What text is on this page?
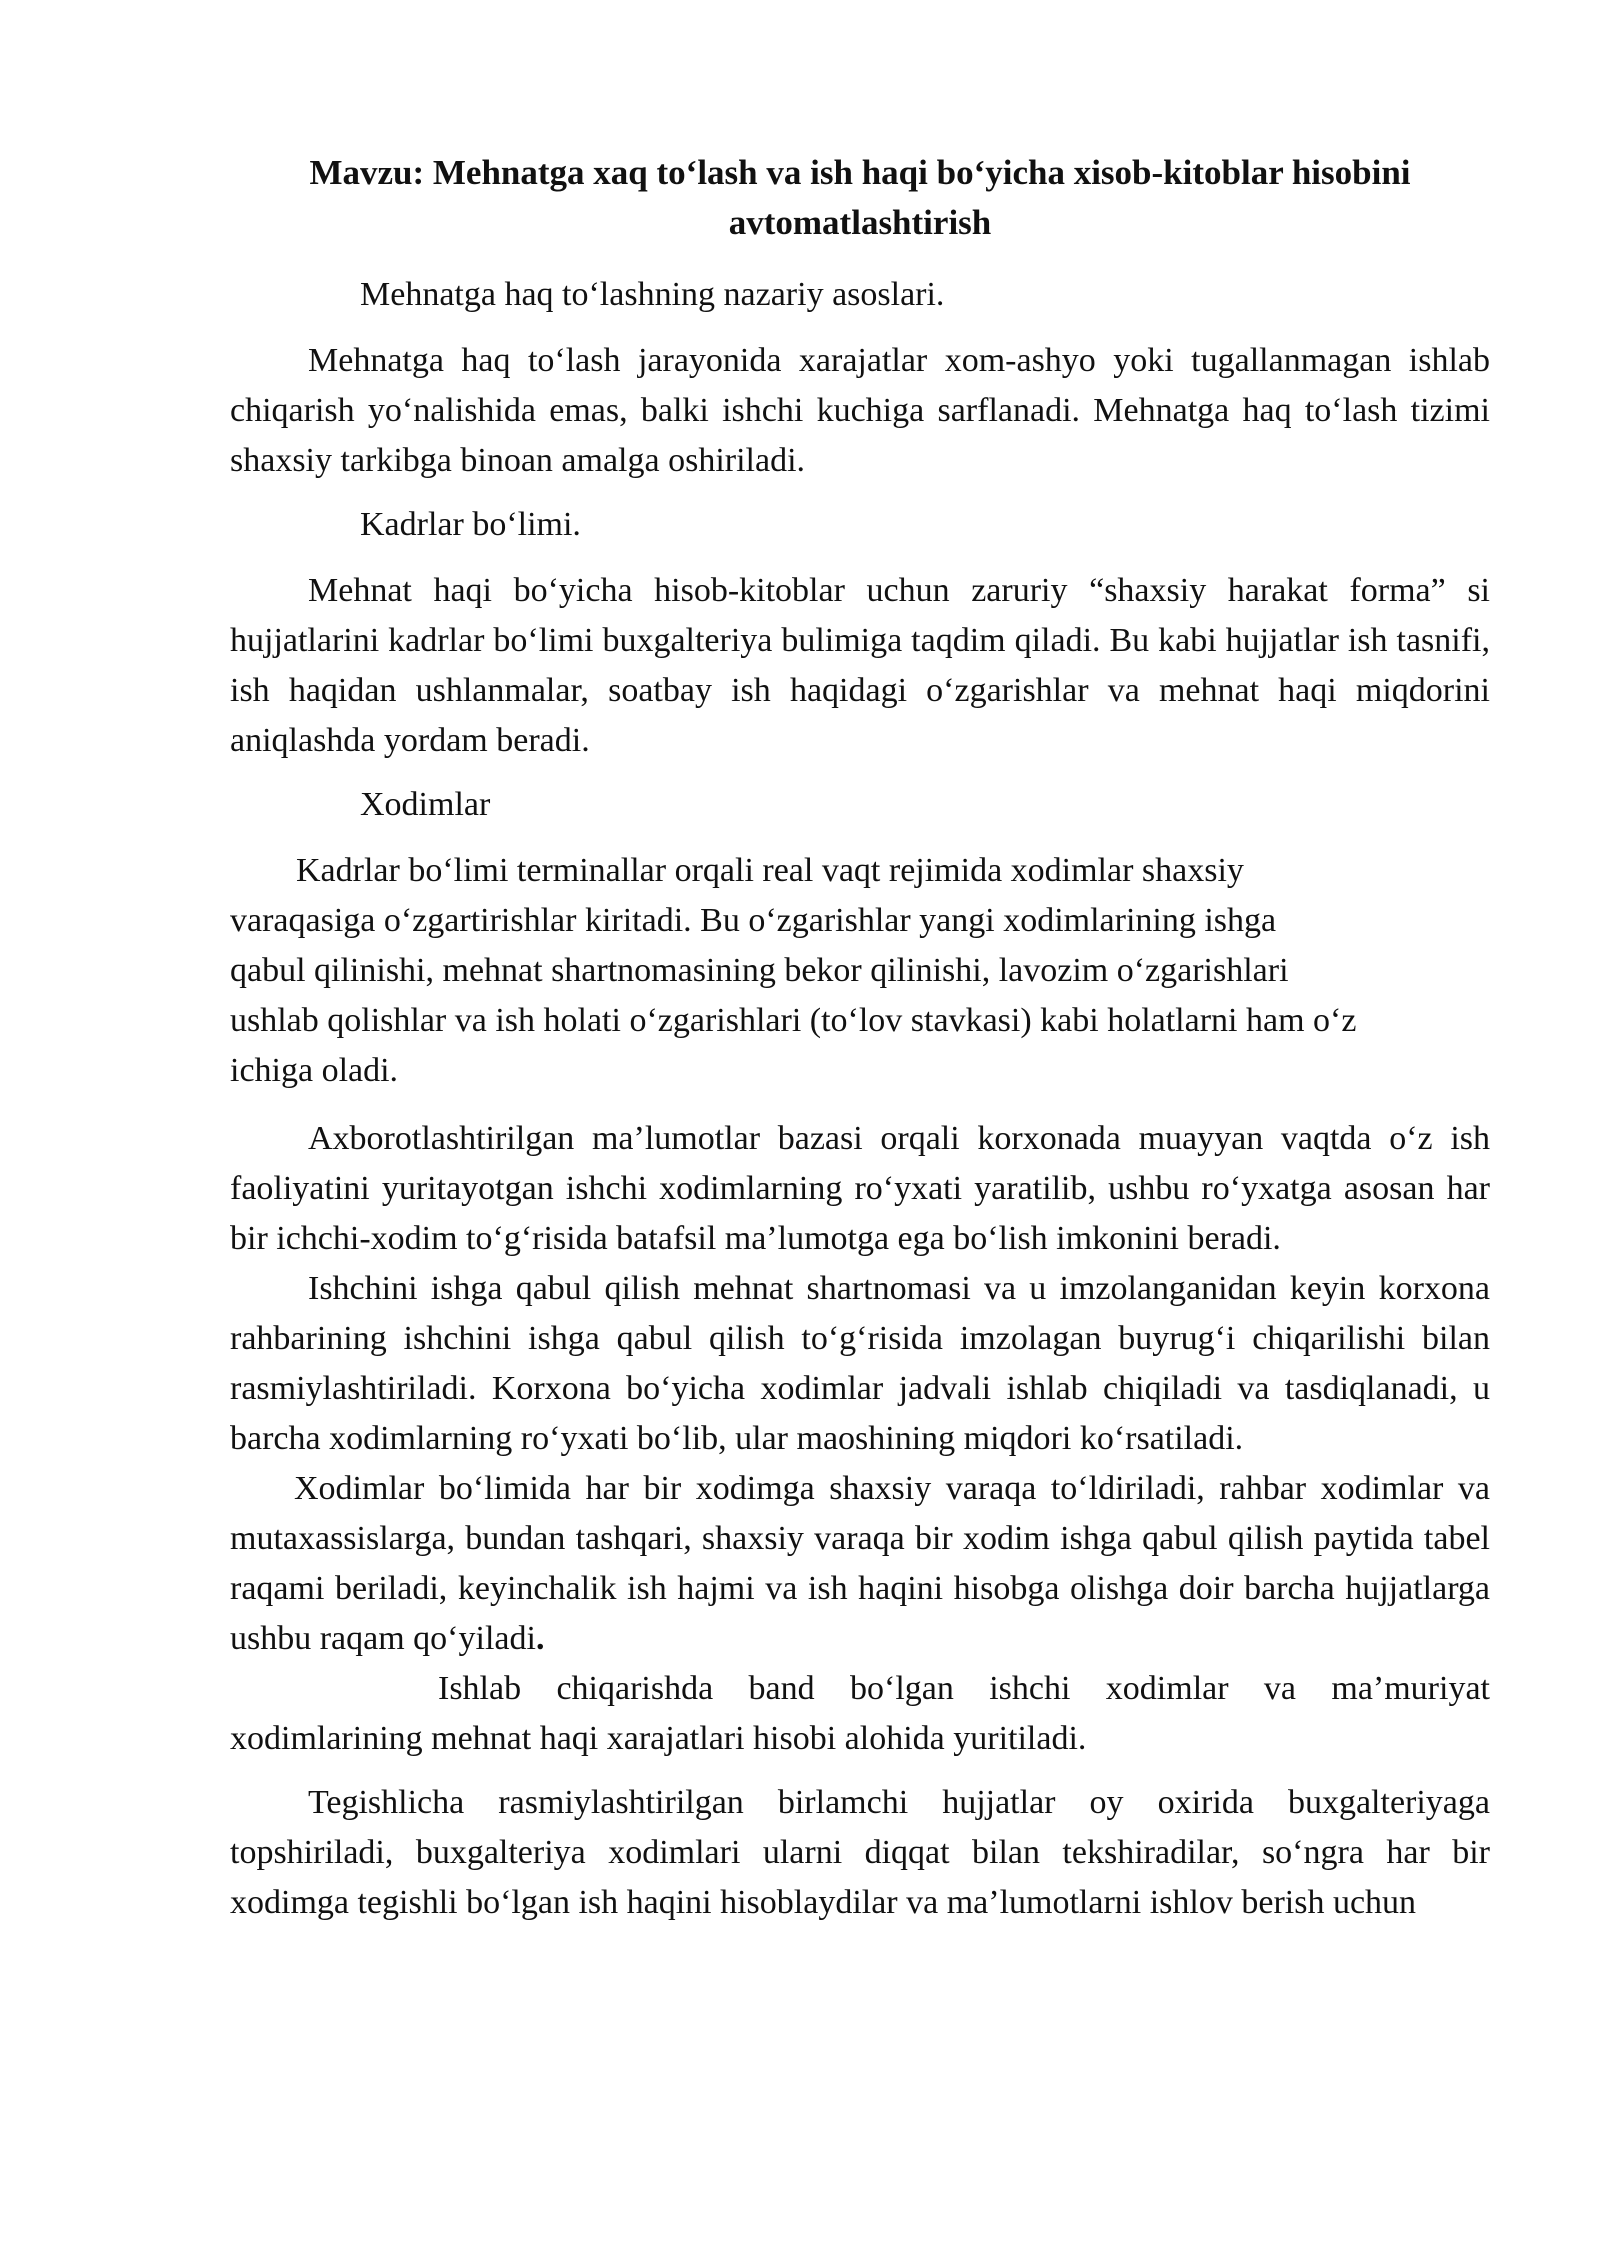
Mavzu: Mehnatga xaq to‘lash va ish haqi bo‘yicha xisob-kitoblar hisobini avtomatlashtirish

Mehnatga haq to‘lashning nazariy asoslari.

Mehnatga haq to‘lash jarayonida xarajatlar xom-ashyo yoki tugallanmagan ishlab chiqarish yo‘nalishida emas, balki ishchi kuchiga sarflanadi. Mehnatga haq to‘lash tizimi shaxsiy tarkibga binoan amalga oshiriladi.

Kadrlar bo‘limi.

Mehnat haqi bo‘yicha hisob-kitoblar uchun zaruriy “shaxsiy harakat forma” si hujjatlarini kadrlar bo‘limi buxgalteriya bulimiga taqdim qiladi. Bu kabi hujjatlar ish tasnifi, ish haqidan ushlanmalar, soatbay ish haqidagi o‘zgarishlar va mehnat haqi miqdorini aniqlashda yordam beradi.

Xodimlar

Kadrlar bo‘limi terminallar orqali real vaqt rejimida xodimlar shaxsiy
varaqasiga o‘zgartirishlar kiritadi. Bu o‘zgarishlar yangi xodimlarining ishga
qabul qilinishi, mehnat shartnomasining bekor qilinishi, lavozim o‘zgarishlari
ushlab qolishlar va ish holati o‘zgarishlari (to‘lov stavkasi) kabi holatlarni ham o‘z
ichiga oladi.

Axborotlashtirilgan ma’lumotlar bazasi orqali korxonada muayyan vaqtda o‘z ish faoliyatini yuritayotgan ishchi xodimlarning ro‘yxati yaratilib, ushbu ro‘yxatga asosan har bir ichchi-xodim to‘g‘risida batafsil ma’lumotga ega bo‘lish imkonini beradi.

Ishchini ishga qabul qilish mehnat shartnomasi va u imzolanganidan keyin korxona rahbarining ishchini ishga qabul qilish to‘g‘risida imzolagan buyrug‘i chiqarilishi bilan rasmiylashtiriladi. Korxona bo‘yicha xodimlar jadvali ishlab chiqiladi va tasdiqlanadi, u barcha xodimlarning ro‘yxati bo‘lib, ular maoshining miqdori ko‘rsatiladi.

Xodimlar bo‘limida har bir xodimga shaxsiy varaqa to‘ldiriladi, rahbar xodimlar va mutaxassislarga, bundan tashqari, shaxsiy varaqa bir xodim ishga qabul qilish paytida tabel raqami beriladi, keyinchalik ish hajmi va ish haqini hisobga olishga doir barcha hujjatlarga ushbu raqam qo‘yiladi.

Ishlab chiqarishda band bo‘lgan ishchi xodimlar va ma’muriyat xodimlarining mehnat haqi xarajatlari hisobi alohida yuritiladi.

Tegishlicha rasmiylashtirilgan birlamchi hujjatlar oy oxirida buxgalteriyaga topshiriladi, buxgalteriya xodimlari ularni diqqat bilan tekshiradilar, so‘ngra har bir xodimga tegishli bo‘lgan ish haqini hisoblaydilar va ma’lumotlarni ishlov berish uchun
